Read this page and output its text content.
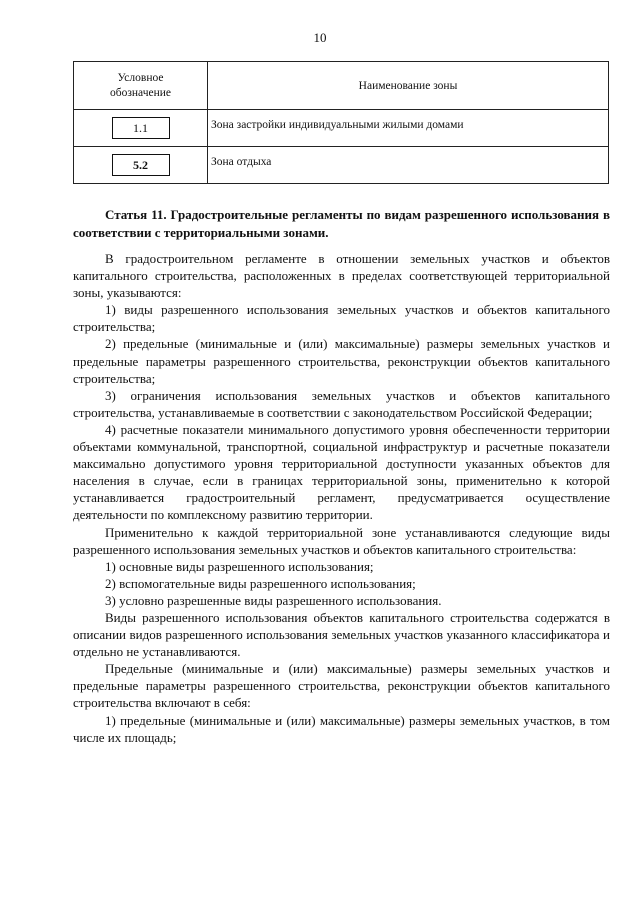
10
Условное обозначение	Наименование зоны
1.1	Зона застройки индивидуальными жилыми домами
5.2	Зона отдыха
Статья 11. Градостроительные регламенты по видам разрешенного использования в соответствии с территориальными зонами.

В градостроительном регламенте в отношении земельных участков и объектов капитального строительства, расположенных в пределах соответствующей территориальной зоны, указываются:

1) виды разрешенного использования земельных участков и объектов капитального строительства;

2) предельные (минимальные и (или) максимальные) размеры земельных участков и предельные параметры разрешенного строительства, реконструкции объектов капитального строительства;

3) ограничения использования земельных участков и объектов капитального строительства, устанавливаемые в соответствии с законодательством Российской Федерации;

4) расчетные показатели минимального допустимого уровня обеспеченности территории объектами коммунальной, транспортной, социальной инфраструктур и расчетные показатели максимально допустимого уровня территориальной доступности указанных объектов для населения в случае, если в границах территориальной зоны, применительно к которой устанавливается градостроительный регламент, предусматривается осуществление деятельности по комплексному развитию территории.

Применительно к каждой территориальной зоне устанавливаются следующие виды разрешенного использования земельных участков и объектов капитального строительства:

1) основные виды разрешенного использования;

2) вспомогательные виды разрешенного использования;

3) условно разрешенные виды разрешенного использования.

Виды разрешенного использования объектов капитального строительства содержатся в описании видов разрешенного использования земельных участков указанного классификатора и отдельно не устанавливаются.

Предельные (минимальные и (или) максимальные) размеры земельных участков и предельные параметры разрешенного строительства, реконструкции объектов капитального строительства включают в себя:

1) предельные (минимальные и (или) максимальные) размеры земельных участков, в том числе их площадь;
